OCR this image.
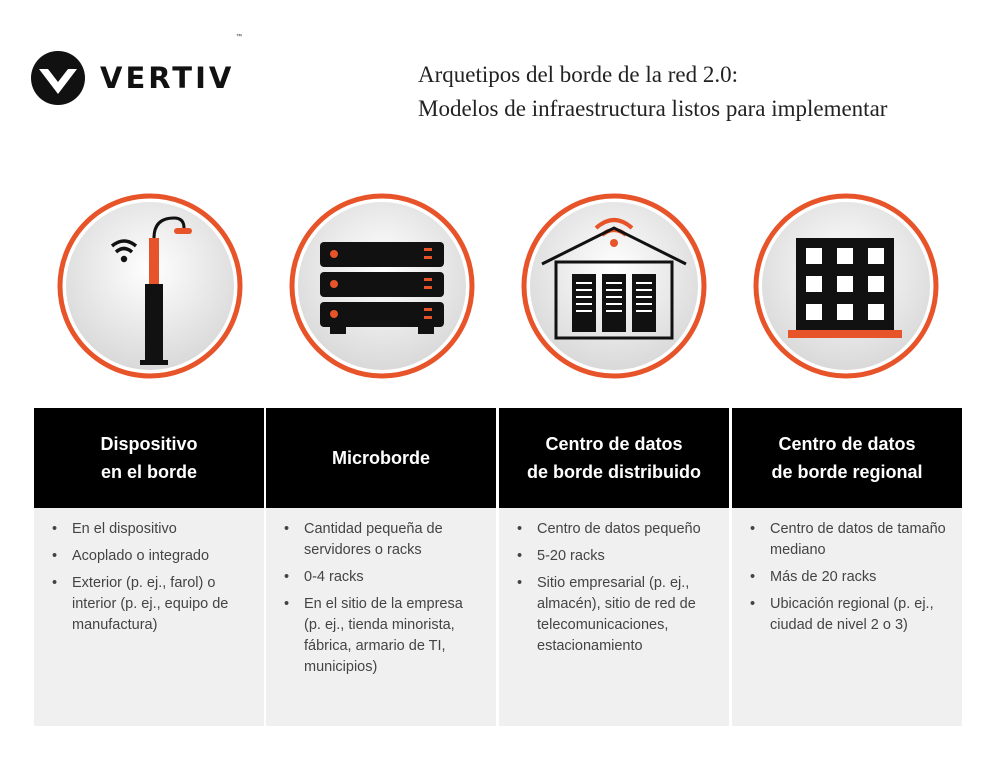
VERTIV
™
Arquetipos del borde de la red 2.0:
Modelos de infraestructura listos para implementar
Dispositivo
en el borde
• En el dispositivo
• Acoplado o integrado
• Exterior (p. ej., farol) o interior (p. ej., equipo de manufactura)
Microborde
• Cantidad pequeña de servidores o racks
• 0-4 racks
• En el sitio de la empresa (p. ej., tienda minorista, fábrica, armario de TI, municipios)
Centro de datos
de borde distribuido
• Centro de datos pequeño
• 5-20 racks
• Sitio empresarial (p. ej., almacén), sitio de red de telecomunicaciones, estacionamiento
Centro de datos
de borde regional
• Centro de datos de tamaño mediano
• Más de 20 racks
• Ubicación regional (p. ej., ciudad de nivel 2 o 3)
